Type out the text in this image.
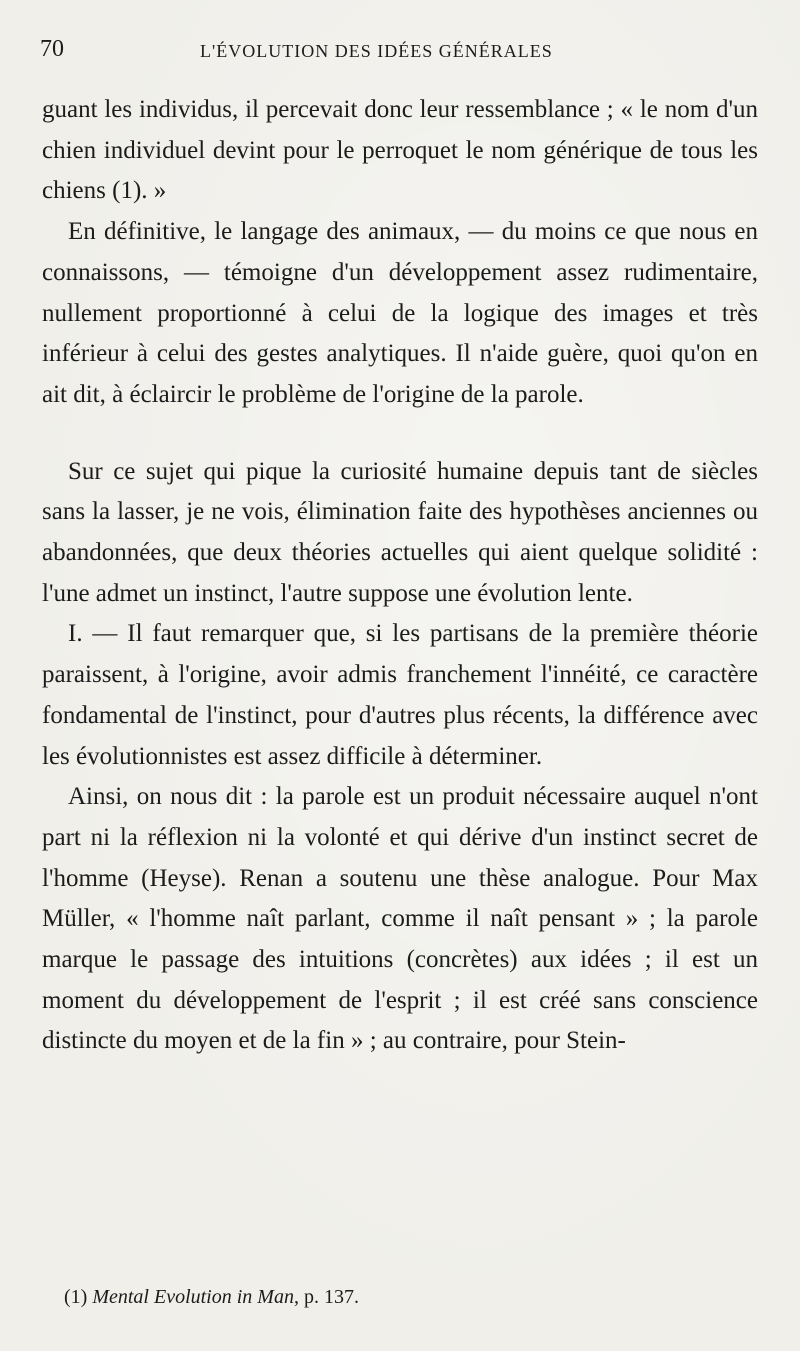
70	L'ÉVOLUTION DES IDÉES GÉNÉRALES

guant les individus, il percevait donc leur ressemblance ; « le nom d'un chien individuel devint pour le perroquet le nom générique de tous les chiens (1). »

En définitive, le langage des animaux, — du moins ce que nous en connaissons, — témoigne d'un développement assez rudimentaire, nullement proportionné à celui de la logique des images et très inférieur à celui des gestes analytiques. Il n'aide guère, quoi qu'on en ait dit, à éclaircir le problème de l'origine de la parole.

Sur ce sujet qui pique la curiosité humaine depuis tant de siècles sans la lasser, je ne vois, élimination faite des hypothèses anciennes ou abandonnées, que deux théories actuelles qui aient quelque solidité : l'une admet un instinct, l'autre suppose une évolution lente.

I. — Il faut remarquer que, si les partisans de la première théorie paraissent, à l'origine, avoir admis franchement l'innéité, ce caractère fondamental de l'instinct, pour d'autres plus récents, la différence avec les évolutionnistes est assez difficile à déterminer.

Ainsi, on nous dit : la parole est un produit nécessaire auquel n'ont part ni la réflexion ni la volonté et qui dérive d'un instinct secret de l'homme (Heyse). Renan a soutenu une thèse analogue. Pour Max Müller, « l'homme naît parlant, comme il naît pensant » ; la parole marque le passage des intuitions (concrètes) aux idées ; il est un moment du développement de l'esprit ; il est créé sans conscience distincte du moyen et de la fin » ; au contraire, pour Stein-

(1) Mental Evolution in Man, p. 137.
